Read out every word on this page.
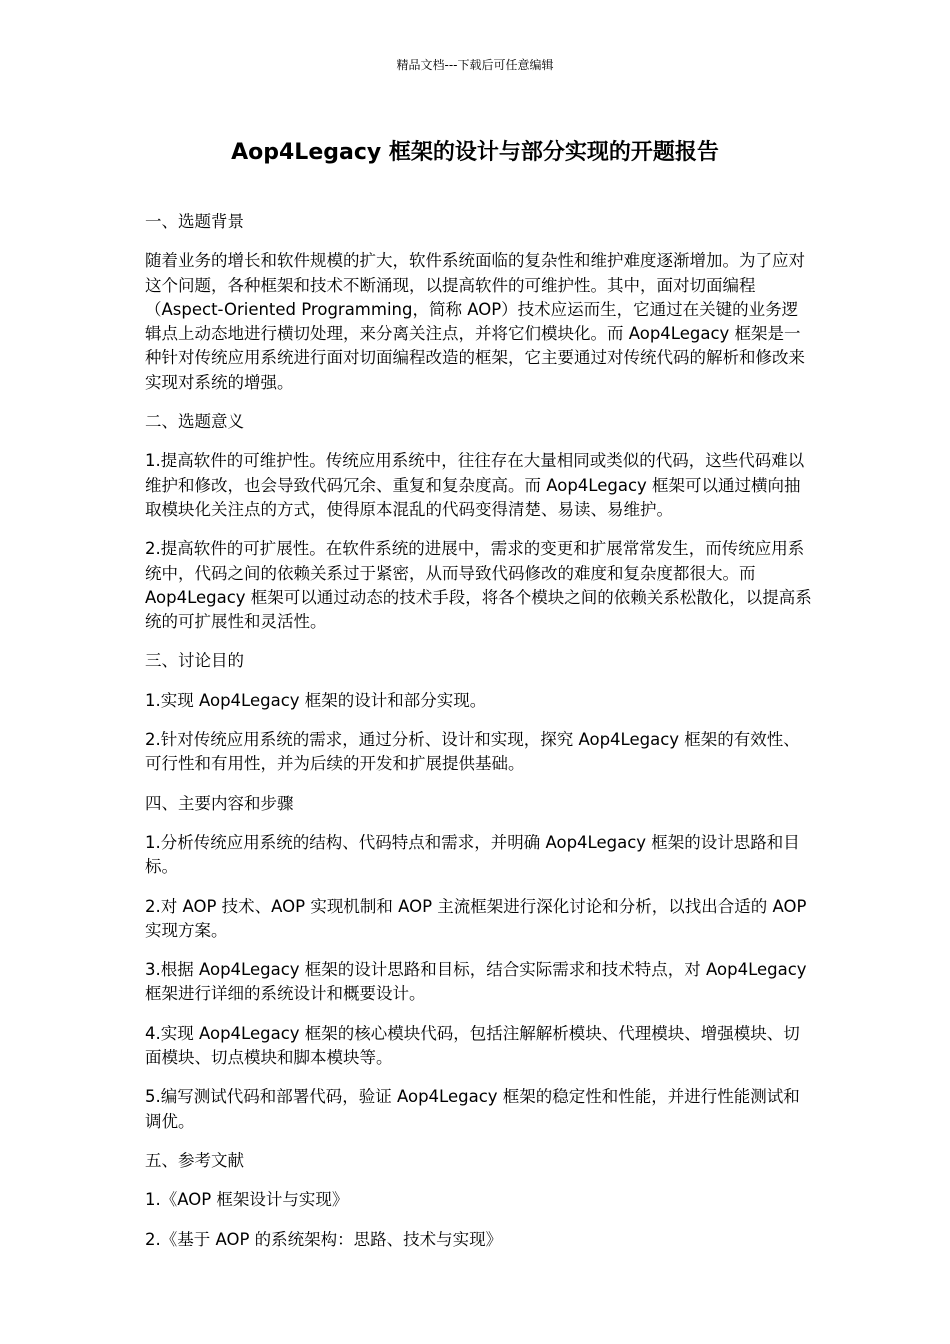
精品文档---下载后可任意编辑
Aop4Legacy 框架的设计与部分实现的开题报告

一、选题背景

随着业务的增长和软件规模的扩大，软件系统面临的复杂性和维护难度逐渐增加。为了应对这个问题，各种框架和技术不断涌现，以提高软件的可维护性。其中，面对切面编程（Aspect-Oriented Programming，简称 AOP）技术应运而生，它通过在关键的业务逻辑点上动态地进行横切处理，来分离关注点，并将它们模块化。而 Aop4Legacy 框架是一种针对传统应用系统进行面对切面编程改造的框架，它主要通过对传统代码的解析和修改来实现对系统的增强。

二、选题意义

1.提高软件的可维护性。传统应用系统中，往往存在大量相同或类似的代码，这些代码难以维护和修改，也会导致代码冗余、重复和复杂度高。而 Aop4Legacy 框架可以通过横向抽取模块化关注点的方式，使得原本混乱的代码变得清楚、易读、易维护。

2.提高软件的可扩展性。在软件系统的进展中，需求的变更和扩展常常发生，而传统应用系统中，代码之间的依赖关系过于紧密，从而导致代码修改的难度和复杂度都很大。而 Aop4Legacy 框架可以通过动态的技术手段，将各个模块之间的依赖关系松散化，以提高系统的可扩展性和灵活性。

三、讨论目的

1.实现 Aop4Legacy 框架的设计和部分实现。

2.针对传统应用系统的需求，通过分析、设计和实现，探究 Aop4Legacy 框架的有效性、可行性和有用性，并为后续的开发和扩展提供基础。

四、主要内容和步骤

1.分析传统应用系统的结构、代码特点和需求，并明确 Aop4Legacy 框架的设计思路和目标。

2.对 AOP 技术、AOP 实现机制和 AOP 主流框架进行深化讨论和分析，以找出合适的 AOP 实现方案。

3.根据 Aop4Legacy 框架的设计思路和目标，结合实际需求和技术特点，对 Aop4Legacy 框架进行详细的系统设计和概要设计。

4.实现 Aop4Legacy 框架的核心模块代码，包括注解解析模块、代理模块、增强模块、切面模块、切点模块和脚本模块等。

5.编写测试代码和部署代码，验证 Aop4Legacy 框架的稳定性和性能，并进行性能测试和调优。

五、参考文献

1.《AOP 框架设计与实现》

2.《基于 AOP 的系统架构：思路、技术与实现》
